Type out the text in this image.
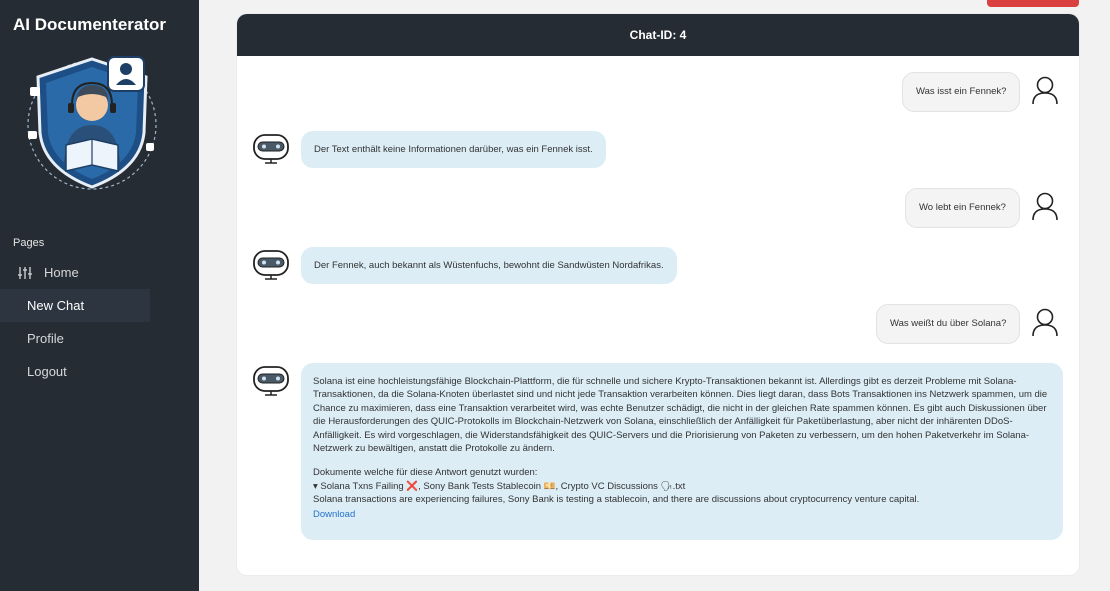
AI Documenterator
Pages
Home
New Chat
Profile
Logout
Chat-ID: 4
Was isst ein Fennek?
Der Text enthält keine Informationen darüber, was ein Fennek isst.
Wo lebt ein Fennek?
Der Fennek, auch bekannt als Wüstenfuchs, bewohnt die Sandwüsten Nordafrikas.
Was weißt du über Solana?
Solana ist eine hochleistungsfähige Blockchain-Plattform, die für schnelle und sichere Krypto-Transaktionen bekannt ist. Allerdings gibt es derzeit Probleme mit Solana-Transaktionen, da die Solana-Knoten überlastet sind und nicht jede Transaktion verarbeiten können. Dies liegt daran, dass Bots Transaktionen ins Netzwerk spammen, um die Chance zu maximieren, dass eine Transaktion verarbeitet wird, was echte Benutzer schädigt, die nicht in der gleichen Rate spammen können. Es gibt auch Diskussionen über die Herausforderungen des QUIC-Protokolls im Blockchain-Netzwerk von Solana, einschließlich der Anfälligkeit für Paketüberlastung, aber nicht der inhärenten DDoS-Anfälligkeit. Es wird vorgeschlagen, die Widerstandsfähigkeit des QUIC-Servers und die Priorisierung von Paketen zu verbessern, um den hohen Paketverkehr im Solana-Netzwerk zu bewältigen, anstatt die Protokolle zu ändern.
Dokumente welche für diese Antwort genutzt wurden:
▾ Solana Txns Failing ❌, Sony Bank Tests Stablecoin 💴, Crypto VC Discussions 🗣.txt
Solana transactions are experiencing failures, Sony Bank is testing a stablecoin, and there are discussions about cryptocurrency venture capital.
Download
